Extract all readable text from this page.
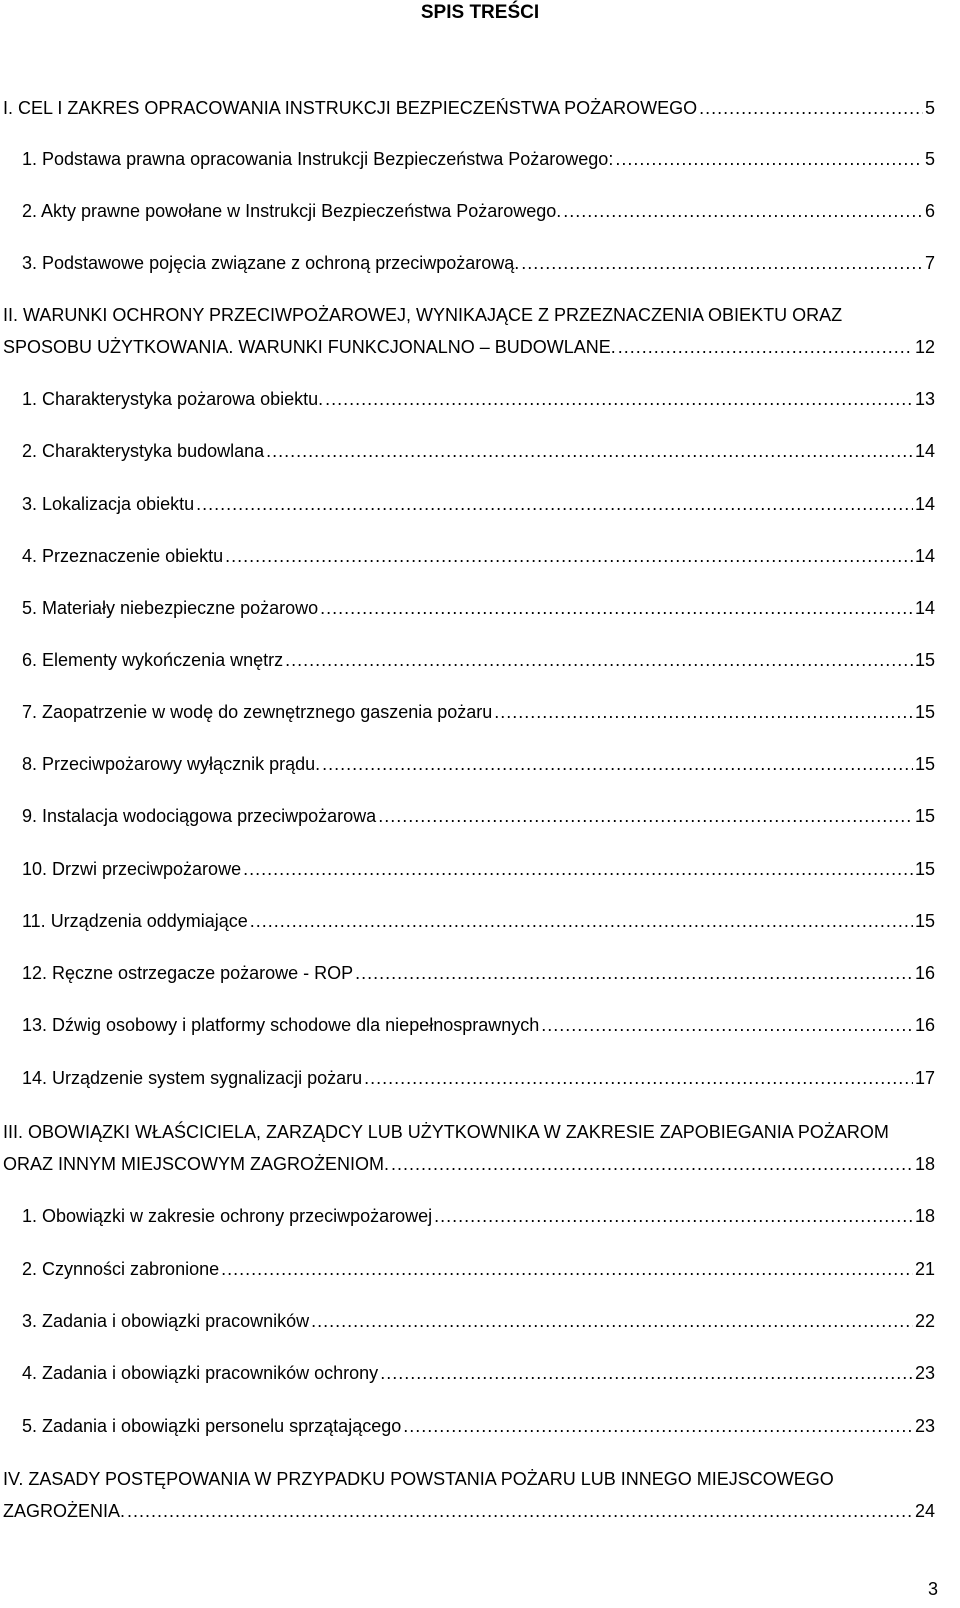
SPIS TREŚCI
I. CEL I ZAKRES OPRACOWANIA INSTRUKCJI BEZPIECZEŃSTWA POŻAROWEGO .....	5
1. Podstawa prawna opracowania Instrukcji Bezpieczeństwa Pożarowego: .....	5
2. Akty prawne powołane w Instrukcji Bezpieczeństwa Pożarowego. .....	6
3. Podstawowe pojęcia związane z ochroną przeciwpożarową. .....	7
II. WARUNKI OCHRONY PRZECIWPOŻAROWEJ, WYNIKAJĄCE Z PRZEZNACZENIA OBIEKTU ORAZ
SPOSOBU UŻYTKOWANIA. WARUNKI FUNKCJONALNO – BUDOWLANE. .....	12
1. Charakterystyka pożarowa obiektu. .....	13
2. Charakterystyka budowlana .....	14
3. Lokalizacja obiektu .....	14
4. Przeznaczenie obiektu .....	14
5. Materiały niebezpieczne pożarowo .....	14
6. Elementy wykończenia wnętrz .....	15
7. Zaopatrzenie w wodę do zewnętrznego gaszenia pożaru .....	15
8. Przeciwpożarowy wyłącznik prądu. .....	15
9. Instalacja wodociągowa przeciwpożarowa .....	15
10. Drzwi przeciwpożarowe .....	15
11. Urządzenia oddymiające .....	15
12. Ręczne ostrzegacze pożarowe - ROP .....	16
13. Dźwig osobowy i platformy schodowe dla niepełnosprawnych .....	16
14. Urządzenie system sygnalizacji pożaru .....	17
III. OBOWIĄZKI WŁAŚCICIELA, ZARZĄDCY LUB UŻYTKOWNIKA W ZAKRESIE ZAPOBIEGANIA POŻAROM
ORAZ INNYM MIEJSCOWYM ZAGROŻENIOM. .....	18
1. Obowiązki w zakresie ochrony przeciwpożarowej .....	18
2. Czynności zabronione .....	21
3. Zadania i obowiązki pracowników .....	22
4. Zadania i obowiązki pracowników ochrony .....	23
5. Zadania i obowiązki personelu sprzątającego .....	23
IV. ZASADY POSTĘPOWANIA W PRZYPADKU POWSTANIA POŻARU LUB INNEGO MIEJSCOWEGO
ZAGROŻENIA. .....	24
3
